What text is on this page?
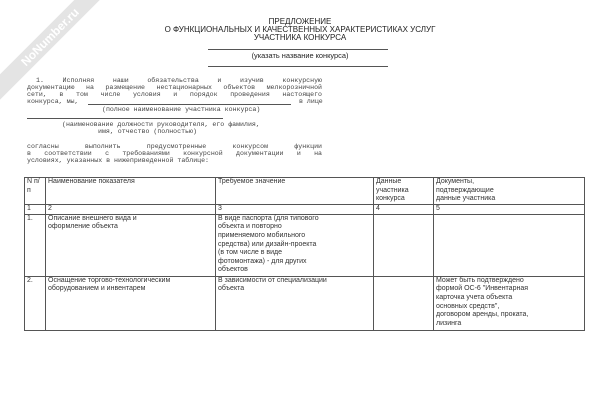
NoNumber.ru	ПРЕДЛОЖЕНИЕ
О ФУНКЦИОНАЛЬНЫХ И КАЧЕСТВЕННЫХ ХАРАКТЕРИСТИКАХ УСЛУГ
УЧАСТНИКА КОНКУРСА
(указать название конкурса)
1. Исполняя наши обязательства и изучив конкурсную
документацию на размещение нестационарных объектов мелкорозничной
сети, в том числе условия и порядок проведения настоящего
конкурса, мы,	в лице
(полное наименование участника конкурса)
(наименование должности руководителя, его фамилия,
имя, отчество (полностью)
согласны выполнить предусмотренные конкурсом функции
в соответствии с требованиями конкурсной документации и на
условиях, указанных в нижеприведенной таблице:
N п/п	Наименование показателя	Требуемое значение	Данные участника конкурса	Документы, подтверждающие данные участника
1	2	3	4	5
1.	Описание внешнего вида и оформление объекта	В виде паспорта (для типового объекта и повторно применяемого мобильного средства) или дизайн-проекта (в том числе в виде фотомонтажа) - для других объектов		
2.	Оснащение торгово-технологическим оборудованием и инвентарем	В зависимости от специализации объекта		Может быть подтверждено формой ОС-6 "Инвентарная карточка учета объекта основных средств", договором аренды, проката, лизинга
